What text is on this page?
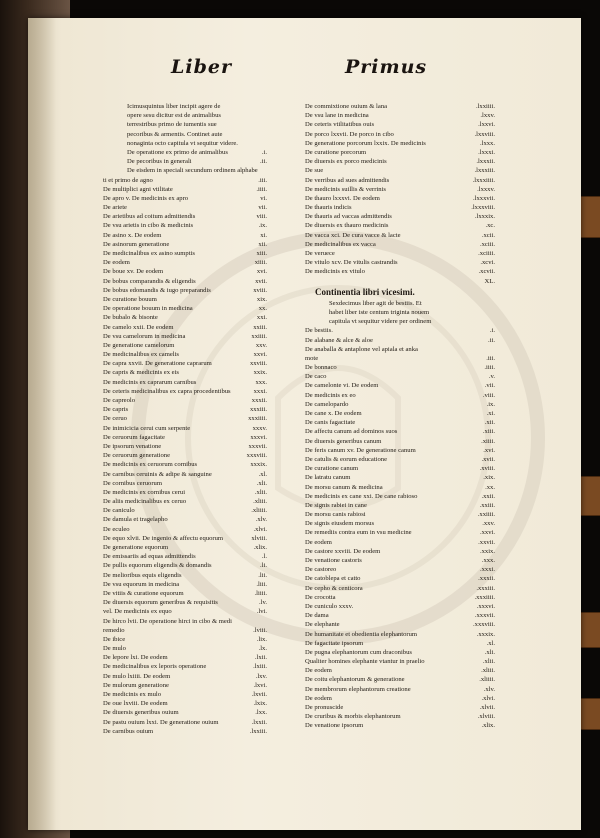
Liber	Primus
Icimusquintus liber incipit agere de
opere sesu dicitur est de animalibus
terrestribus primo de iumentis sue
pecoribus & armentis. Continet aute
nonaginta octo capitula vt sequitur videre.
De operatione ex primo de animalibus	.i.
De pecoribus in generali	.ii.
De eisdem in speciali secundum ordinem alphabe
ti et primo de agno	.iii.
De multiplici agni vtilitate	.iiii.
De apro v. De medicinis ex apro	vi.
De ariete	vii.
De arietibus ad coitum admittendis	viii.
De vsu arietis in cibo & medicinis	.ix.
De asino x. De eodem	xi.
De asinorum generatione	xii.
De medicinalibus ex asino sumptis	xiii.
De eodem	xiiii.
De boue xv. De eodem	xvi.
De bobus comparandis & eligendis	xvii.
De bobus edomandis & iugo preparandis	xviii.
De curatione bouum	xix.
De operatione bouum in medicina	xx.
De bubalo & bisonte	xxi.
De camelo xxii. De eodem	xxiii.
De vsu camelorum in medicina	xxiiii.
De generatione camelorum	xxv.
De medicinalibus ex camelis	xxvi.
De capra xxvii. De generatione caprarum	xxviii.
De capris & medicinis ex eis	xxix.
De medicinis ex caprarum carnibus	xxx.
De ceteris medicinalibus ex capra procedentibus	xxxi.
De capreolo	xxxii.
De capris	xxxiii.
De ceruo	xxxiiii.
De inimicicia cerui cum serpente	xxxv.
De ceruorum fagacitate	xxxvi.
De ipsorum venatione	xxxvii.
De ceruorum generatione	xxxviii.
De medicinis ex ceruorum cornibus	xxxix.
De carnibus ceruinis & adipe & sanguine	.xl.
De cornibus ceruorum	.xli.
De medicinis ex cornibus cerui	.xlii.
De aliis medicinalibus ex ceruo	.xliii.
De caniculo	.xliiii.
De damula et tragelapho	.xlv.
De eculeo	.xlvi.
De equo xlvii. De ingenio & affectu equorum	xlviii.
De generatione equorum	.xlix.
De emissariis ad equas admittendis	.l.
De pullis equorum eligendis & domandis	.li.
De melioribus equis eligendis	.lii.
De vsu equorum in medicina	.liii.
De vitiis & curatione equorum	.liiii.
De diuersis equorum generibus & requisitis	.lv.
vel. De medicinis ex equo	.lvi.
De hirco lvii. De operatione hirci in cibo & medi
remedio	.lviii.
De ibice	.lix.
De mulo	.lx.
De lepore lxi. De eodem	.lxii.
De medicinalibus ex leporis operatione	.lxiii.
De mulo lxiiii. De eodem	.lxv.
De mulorum generatione	.lxvi.
De medicinis ex mulo	.lxvii.
De oue lxviii. De eodem	.lxix.
De diuersis generibus ouium	.lxx.
De pastu ouium lxxi. De generatione ouium	.lxxii.
De carnibus ouium	.lxxiii.
De commixtione ouium & lana	.lxxiiii.
De vsu lane in medicina	.lxxv.
De ceteris vtilitatibus ouis	.lxxvi.
De porco lxxvii. De porco in cibo	.lxxviii.
De generatione porcorum lxxix. De medicinis	.lxxx.
De curatione porcorum	.lxxxi.
De diuersis ex porco medicinis	.lxxxii.
De sue	.lxxxiii.
De verribus ad sues admittendis	.lxxxiiii.
De medicinis suillis & verrinis	.lxxxv.
De thauro lxxxvi. De eodem	.lxxxvii.
De thauris indicis	.lxxxviii.
De thauris ad vaccas admittendis	.lxxxix.
De diuersis ex thauro medicinis	.xc.
De vacca xci. De cura vacce & lacte	.xcii.
De medicinalibus ex vacca	.xciii.
De veruece	.xciiii.
De vitulo xcv. De vitulis castrandis	.xcvi.
De medicinis ex vitulo	.xcvii.
XL.
Continentia libri vicesimi.
Sexdecimus liber agit de bestiis. Et
habet liber iste centum triginta nouem
capitula vt sequitur videre per ordinem
De bestiis.	.i.
De alabane & alce & aloe	.ii.
De anaballa & antaplone vel apiala et anka
mote	.iii.
De bonnaco	.iiii.
De caco	.v.
De camelonte vi. De eodem	.vii.
De medicinis ex eo	.viii.
De camelopardo	.ix.
De cane x. De eodem	.xi.
De canis fagacitate	.xii.
De affectu canum ad dominos suos	.xiii.
De diuersis generibus canum	.xiiii.
De feris canum xv. De generatione canum	.xvi.
De catulis & eorum educatione	.xvii.
De curatione canum	.xviii.
De latratu canum	.xix.
De morsu canum & medicina	.xx.
De medicinis ex cane xxi. De cane rabioso	.xxii.
De signis rabiei in cane	.xxiii.
De morsu canis rabiosi	.xxiiii.
De signis eiusdem morsus	.xxv.
De remediis contra eum in vsu medicine	.xxvi.
De eodem	.xxvii.
De castore xxviii. De eodem	.xxix.
De venatione castoris	.xxx.
De castoreo	.xxxi.
De catoblepa et catto	.xxxii.
De cepho & centicora	.xxxiii.
De crocotta	.xxxiiii.
De cuniculo xxxv.	.xxxvi.
De dama	.xxxvii.
De elephante	.xxxviii.
De humanitate et obedientia elephantorum	.xxxix.
De fagacitate ipsorum	.xl.
De pugna elephantorum cum draconibus	.xli.
Qualiter homines elephante vtantur in praelio	.xlii.
De eodem	.xliii.
De coitu elephantorum & generatione	.xliiii.
De membrorum elephantorum creatione	.xlv.
De eodem	.xlvi.
De pronuscide	.xlvii.
De cruribus & morbis elephantorum	.xlviii.
De venatione ipsorum	.xlix.
